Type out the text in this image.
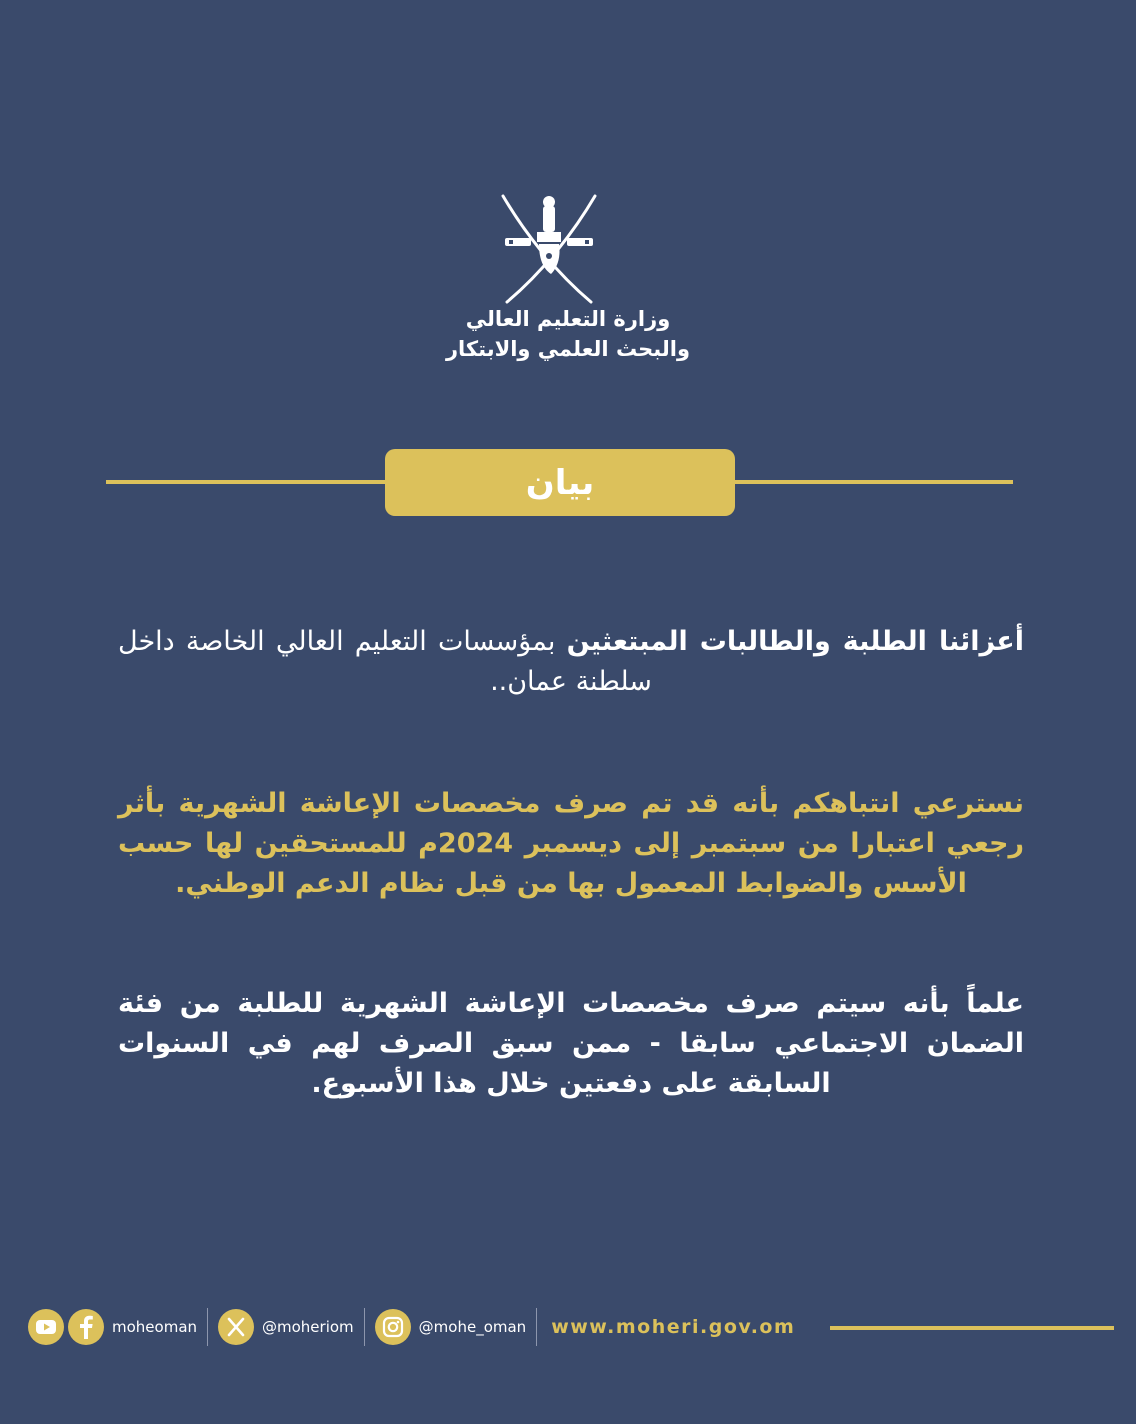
وزارة التعليم العالي
والبحث العلمي والابتكار
بيان
أعزائنا الطلبة والطالبات المبتعثين بمؤسسات التعليم العالي الخاصة داخل سلطنة عمان..
نسترعي انتباهكم بأنه قد تم صرف مخصصات الإعاشة الشهرية بأثر رجعي اعتبارا من سبتمبر إلى ديسمبر 2024م للمستحقين لها حسب الأسس والضوابط المعمول بها من قبل نظام الدعم الوطني.
علماً بأنه سيتم صرف مخصصات الإعاشة الشهرية للطلبة من فئة الضمان الاجتماعي سابقا - ممن سبق الصرف لهم في السنوات السابقة على دفعتين خلال هذا الأسبوع.
moheoman	@moheriom	@mohe_oman www.moheri.gov.om
